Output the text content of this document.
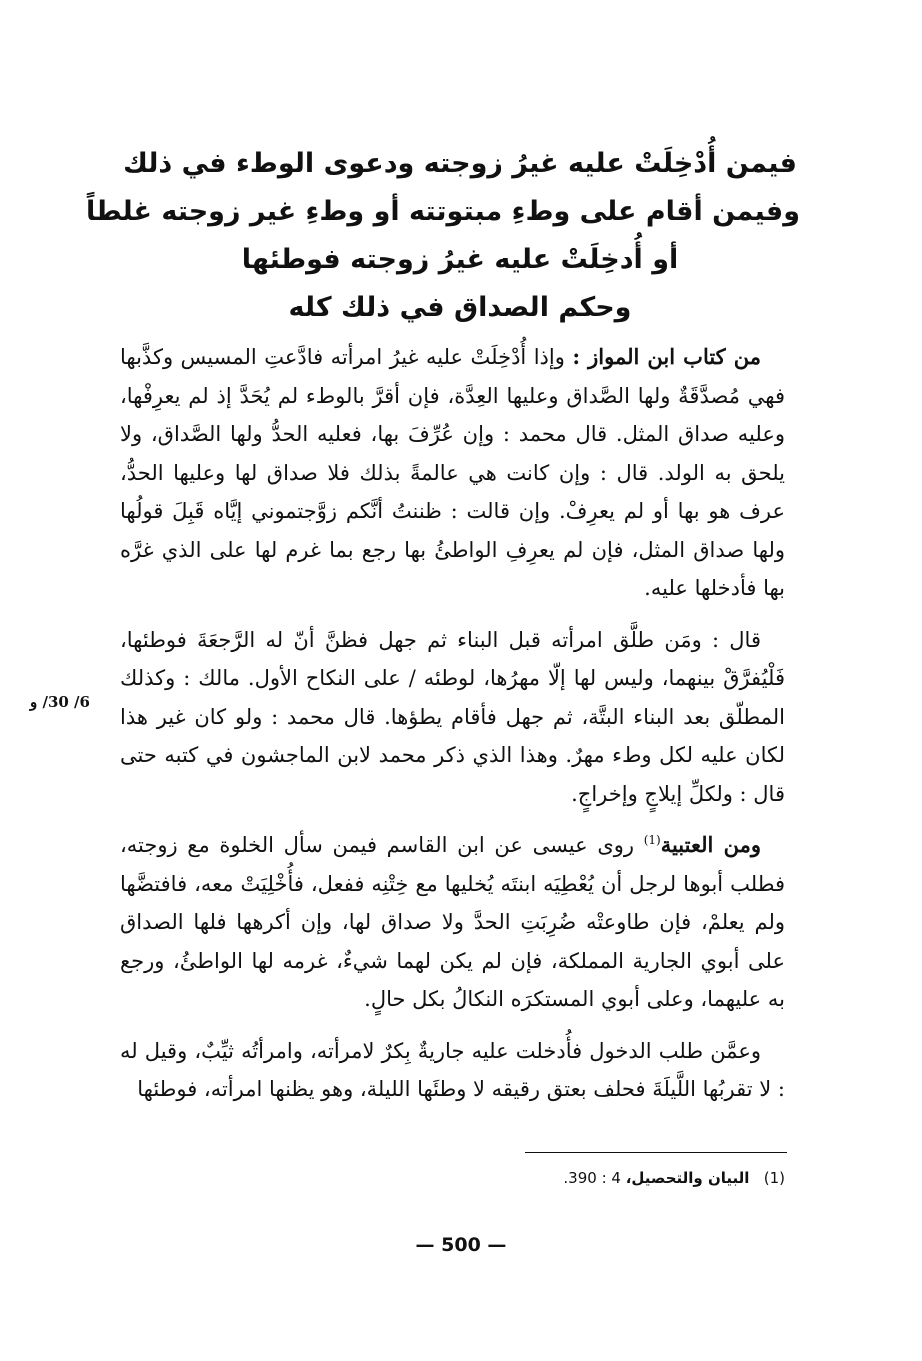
فيمن أُدْخِلَتْ عليه غيرُ زوجته ودعوى الوطء في ذلك
وفيمن أقام على وطءِ مبتوتته أو وطءِ غير زوجته غلطاً
أو أُدخِلَتْ عليه غيرُ زوجته فوطئها
وحكم الصداق في ذلك كله

من كتاب ابن المواز : وإذا أُدْخِلَتْ عليه غيرُ امرأته فادَّعتِ المسيس وكذَّبها فهي مُصدَّقَةٌ ولها الصَّداق وعليها العِدَّة، فإن أقرَّ بالوطء لم يُحَدَّ إذ لم يعرِفْها، وعليه صداق المثل. قال محمد : وإن عُرِّفَ بها، فعليه الحدُّ ولها الصَّداق، ولا يلحق به الولد. قال : وإن كانت هي عالمةً بذلك فلا صداق لها وعليها الحدُّ، عرف هو بها أو لم يعرِفْ. وإن قالت : ظننتُ أنَّكم زوَّجتموني إيَّاه قَبِلَ قولُها ولها صداق المثل، فإن لم يعرِفِ الواطئُ بها رجع بما غرم لها على الذي غرَّه بها فأدخلها عليه.

قال : ومَن طلَّق امرأته قبل البناء ثم جهل فظنَّ أنّ له الرَّجعَةَ فوطئها، فَلْيُفرَّقْ بينهما، وليس لها إلّا مهرُها، لوطئه / على النكاح الأول. مالك : وكذلك المطلّق بعد البناء البتَّة، ثم جهل فأقام يطؤها. قال محمد : ولو كان غير هذا لكان عليه لكل وطء مهرٌ. وهذا الذي ذكر محمد لابن الماجشون في كتبه حتى قال : ولكلِّ إيلاجٍ وإخراجٍ.

ومن العتبية$^{(1)}$ روى عيسى عن ابن القاسم فيمن سأل الخلوة مع زوجته، فطلب أبوها لرجل أن يُعْطِيَه ابنتَه يُخليها مع خِتْنِه ففعل، فأُخْلِيَتْ معه، فافتضَّها ولم يعلمْ، فإن طاوعتْه ضُرِبَتِ الحدَّ ولا صداق لها، وإن أكرهها فلها الصداق على أبوي الجارية المملكة، فإن لم يكن لهما شيءٌ، غرمه لها الواطئُ، ورجع به عليهما، وعلى أبوي المستكرَه النكالُ بكل حالٍ.

وعمَّن طلب الدخول فأُدخلت عليه جاريةٌ بِكرٌ لامرأته، وامرأتُه ثيِّبٌ، وقيل له : لا تقربُها اللَّيلَةَ فحلف بعتق رقيقه لا وطئَها الليلة، وهو يظنها امرأته، فوطئها

6/ 30/ و
(1)   البيان والتحصيل، 4 : 390.
— 500 —
